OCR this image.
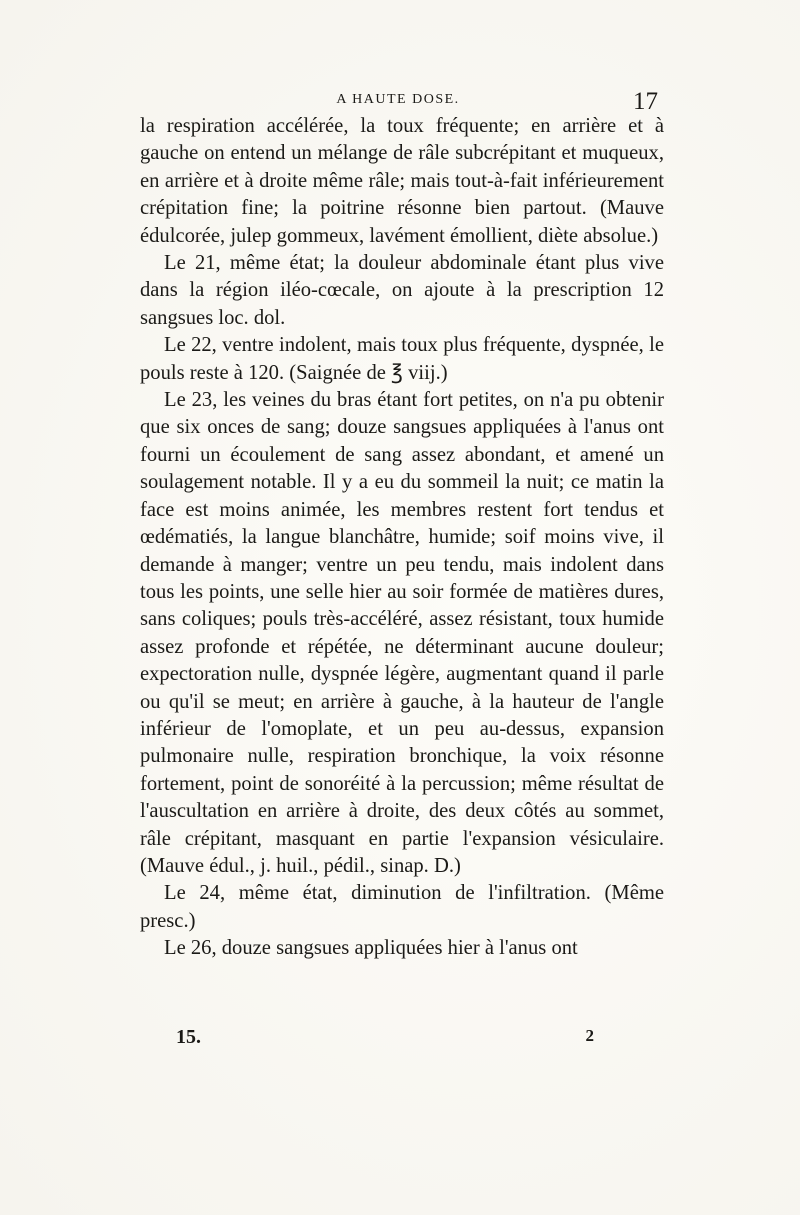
A HAUTE DOSE.	17

la respiration accélérée, la toux fréquente; en arrière et à gauche on entend un mélange de râle subcrépitant et muqueux, en arrière et à droite même râle; mais tout-à-fait inférieurement crépitation fine; la poitrine résonne bien partout. (Mauve édulcorée, julep gommeux, lavément émollient, diète absolue.)

Le 21, même état; la douleur abdominale étant plus vive dans la région iléo-cœcale, on ajoute à la prescription 12 sangsues loc. dol.

Le 22, ventre indolent, mais toux plus fréquente, dyspnée, le pouls reste à 120. (Saignée de ℥ viij.)

Le 23, les veines du bras étant fort petites, on n'a pu obtenir que six onces de sang; douze sangsues appliquées à l'anus ont fourni un écoulement de sang assez abondant, et amené un soulagement notable. Il y a eu du sommeil la nuit; ce matin la face est moins animée, les membres restent fort tendus et œdématiés, la langue blanchâtre, humide; soif moins vive, il demande à manger; ventre un peu tendu, mais indolent dans tous les points, une selle hier au soir formée de matières dures, sans coliques; pouls très-accéléré, assez résistant, toux humide assez profonde et répétée, ne déterminant aucune douleur; expectoration nulle, dyspnée légère, augmentant quand il parle ou qu'il se meut; en arrière à gauche, à la hauteur de l'angle inférieur de l'omoplate, et un peu au-dessus, expansion pulmonaire nulle, respiration bronchique, la voix résonne fortement, point de sonoréité à la percussion; même résultat de l'auscultation en arrière à droite, des deux côtés au sommet, râle crépitant, masquant en partie l'expansion vésiculaire. (Mauve édul., j. huil., pédil., sinap. D.)

Le 24, même état, diminution de l'infiltration. (Même presc.)

Le 26, douze sangsues appliquées hier à l'anus ont

15.	2
